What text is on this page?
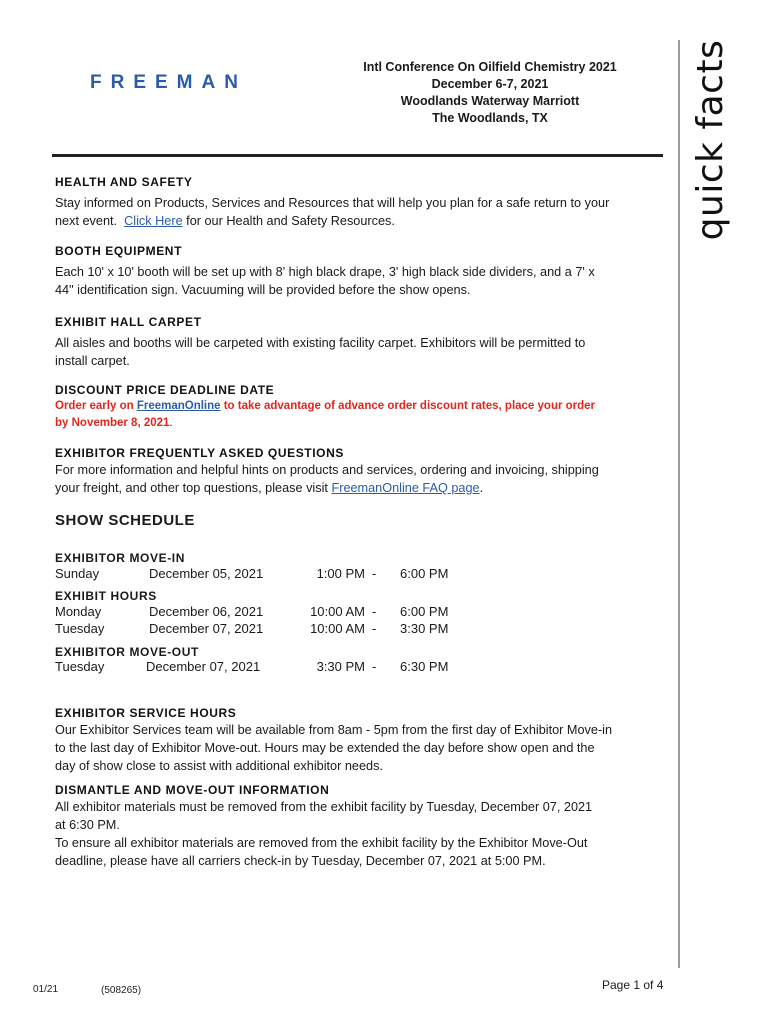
FREEMAN
Intl Conference On Oilfield Chemistry 2021
December 6-7, 2021
Woodlands Waterway Marriott
The Woodlands, TX	quick facts
HEALTH AND SAFETY
Stay informed on Products, Services and Resources that will help you plan for a safe return to your
next event.  Click Here for our Health and Safety Resources.
BOOTH EQUIPMENT
Each 10' x 10' booth will be set up with 8' high black drape, 3' high black side dividers, and a 7' x
44" identification sign. Vacuuming will be provided before the show opens.
EXHIBIT HALL CARPET
All aisles and booths will be carpeted with existing facility carpet. Exhibitors will be permitted to
install carpet.
DISCOUNT PRICE DEADLINE DATE
Order early on FreemanOnline to take advantage of advance order discount rates, place your order
by November 8, 2021.
EXHIBITOR FREQUENTLY ASKED QUESTIONS
For more information and helpful hints on products and services, ordering and invoicing, shipping
your freight, and other top questions, please visit FreemanOnline FAQ page.
SHOW SCHEDULE
EXHIBITOR MOVE-IN
Sunday	December 05, 2021	1:00 PM - 6:00 PM
EXHIBIT HOURS
Monday	December 06, 2021	10:00 AM - 6:00 PM
Tuesday	December 07, 2021	10:00 AM - 3:30 PM
EXHIBITOR MOVE-OUT
Tuesday	December 07, 2021	3:30 PM - 6:30 PM
EXHIBITOR SERVICE HOURS
Our Exhibitor Services team will be available from 8am - 5pm from the first day of Exhibitor Move-in
to the last day of Exhibitor Move-out. Hours may be extended the day before show open and the
day of show close to assist with additional exhibitor needs.
DISMANTLE AND MOVE-OUT INFORMATION
All exhibitor materials must be removed from the exhibit facility by Tuesday, December 07, 2021
at 6:30 PM.
To ensure all exhibitor materials are removed from the exhibit facility by the Exhibitor Move-Out
deadline, please have all carriers check-in by Tuesday, December 07, 2021 at 5:00 PM.
01/21	(508265)	Page 1 of 4
